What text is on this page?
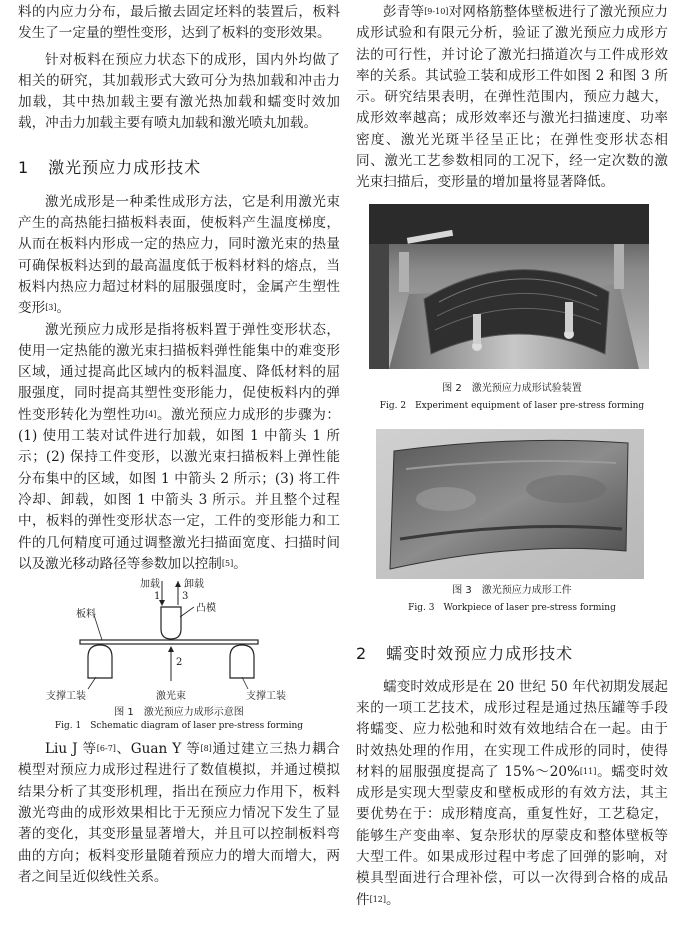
料的内应力分布，最后撤去固定坯料的装置后，板料发生了一定量的塑性变形，达到了板料的变形效果。

针对板料在预应力状态下的成形，国内外均做了相关的研究，其加载形式大致可分为热加载和冲击力加载，其中热加载主要有激光热加载和蠕变时效加载，冲击力加载主要有喷丸加载和激光喷丸加载。

1 激光预应力成形技术

激光成形是一种柔性成形方法，它是利用激光束产生的高热能扫描板料表面，使板料产生温度梯度，从而在板料内形成一定的热应力，同时激光束的热量可确保板料达到的最高温度低于板料材料的熔点，当板料内热应力超过材料的屈服强度时，金属产生塑性变形[3]。

激光预应力成形是指将板料置于弹性变形状态，使用一定热能的激光束扫描板料弹性能集中的难变形区域，通过提高此区域内的板料温度、降低材料的屈服强度，同时提高其塑性变形能力，促使板料内的弹性变形转化为塑性功[4]。激光预应力成形的步骤为：(1) 使用工装对试件进行加载，如图 1 中箭头 1 所示；(2) 保持工件变形，以激光束扫描板料上弹性能分布集中的区域，如图 1 中箭头 2 所示；(3) 将工件冷却、卸载，如图 1 中箭头 3 所示。并且整个过程中，板料的弹性变形状态一定，工件的变形能力和工件的几何精度可通过调整激光扫描面宽度、扫描时间以及激光移动路径等参数加以控制[5]。

加载 卸载
1 3
凸模
板料
2
支撑工装	激光束	支撑工装
图 1　激光预应力成形示意图
Fig. 1　Schematic diagram of laser pre-stress forming

Liu J 等[6-7]、Guan Y 等[8]通过建立三热力耦合模型对预应力成形过程进行了数值模拟，并通过模拟结果分析了其变形机理，指出在预应力作用下，板料激光弯曲的成形效果相比于无预应力情况下发生了显著的变化，其变形量显著增大，并且可以控制板料弯曲的方向；板料变形量随着预应力的增大而增大，两者之间呈近似线性关系。

彭青等[9-10]对网格筋整体壁板进行了激光预应力成形试验和有限元分析，验证了激光预应力成形方法的可行性，并讨论了激光扫描道次与工件成形效率的关系。其试验工装和成形工件如图 2 和图 3 所示。研究结果表明，在弹性范围内，预应力越大，成形效率越高；成形效率还与激光扫描速度、功率密度、激光光斑半径呈正比；在弹性变形状态相同、激光工艺参数相同的工况下，经一定次数的激光束扫描后，变形量的增加量将显著降低。

图 2　激光预应力成形试验装置
Fig. 2　Experiment equipment of laser pre-stress forming
图 3　激光预应力成形工件
Fig. 3　Workpiece of laser pre-stress forming
2 蠕变时效预应力成形技术

蠕变时效成形是在 20 世纪 50 年代初期发展起来的一项工艺技术，成形过程是通过热压罐等手段将蠕变、应力松弛和时效有效地结合在一起。由于时效热处理的作用，在实现工件成形的同时，使得材料的屈服强度提高了 15%～20%[11]。蠕变时效成形是实现大型蒙皮和壁板成形的有效方法，其主要优势在于：成形精度高，重复性好，工艺稳定，能够生产变曲率、复杂形状的厚蒙皮和整体壁板等大型工件。如果成形过程中考虑了回弹的影响，对模具型面进行合理补偿，可以一次得到合格的成品件[12]。
